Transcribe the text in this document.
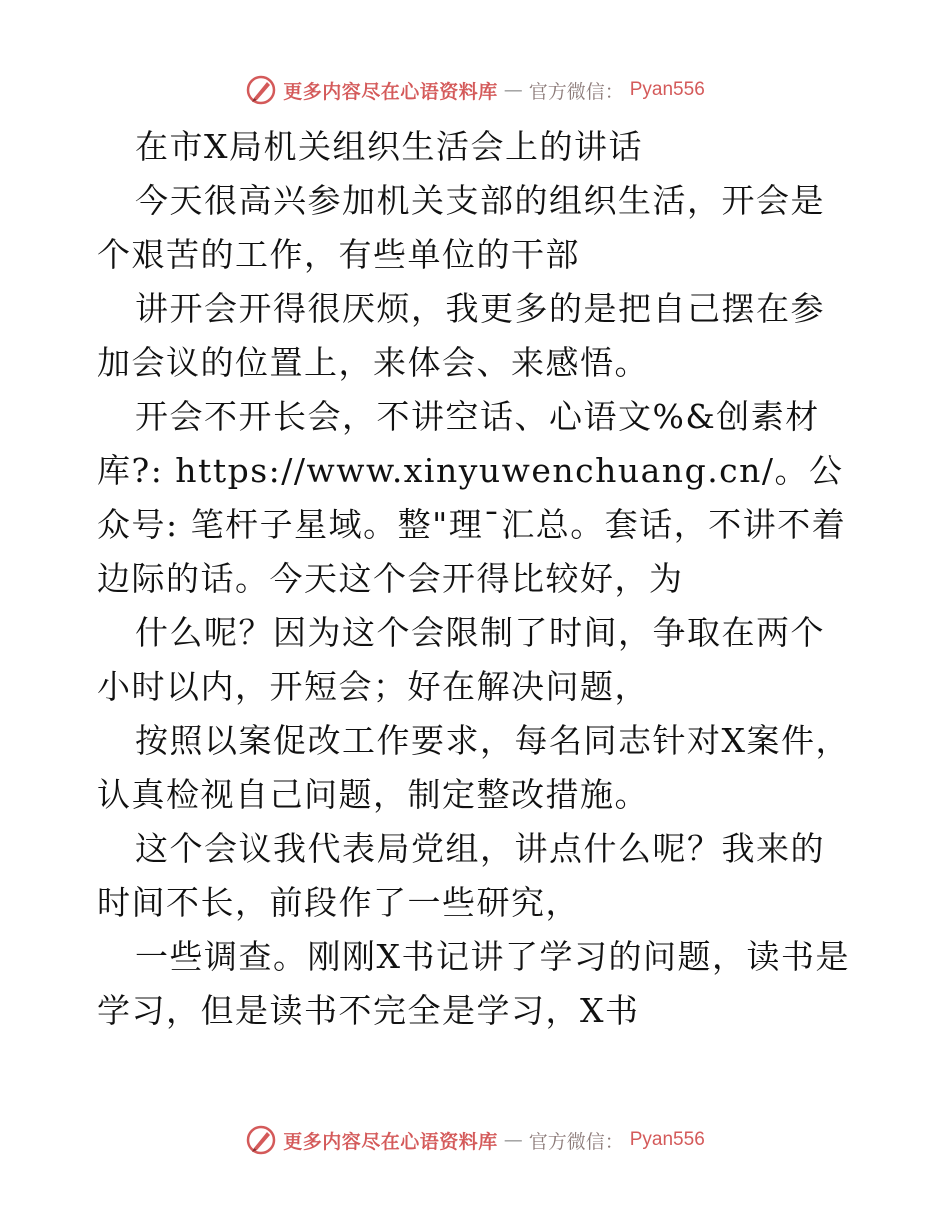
更多内容尽在心语资料库 — 官方微信： Pyan556

在市X局机关组织生活会上的讲话

今天很高兴参加机关支部的组织生活，开会是个艰苦的工作，有些单位的干部

讲开会开得很厌烦，我更多的是把自己摆在参加会议的位置上，来体会、来感悟。

开会不开长会，不讲空话、心语文%&创素材库?: https://www.xinyuwenchuang.cn/。公众号: 笔杆子星域。整"理¯汇总。套话，不讲不着边际的话。今天这个会开得比较好，为

什么呢？因为这个会限制了时间，争取在两个小时以内，开短会；好在解决问题，

按照以案促改工作要求，每名同志针对X案件，认真检视自己问题，制定整改措施。

这个会议我代表局党组，讲点什么呢？我来的时间不长，前段作了一些研究，

一些调查。刚刚X书记讲了学习的问题，读书是学习，但是读书不完全是学习，X书

更多内容尽在心语资料库 — 官方微信： Pyan556
